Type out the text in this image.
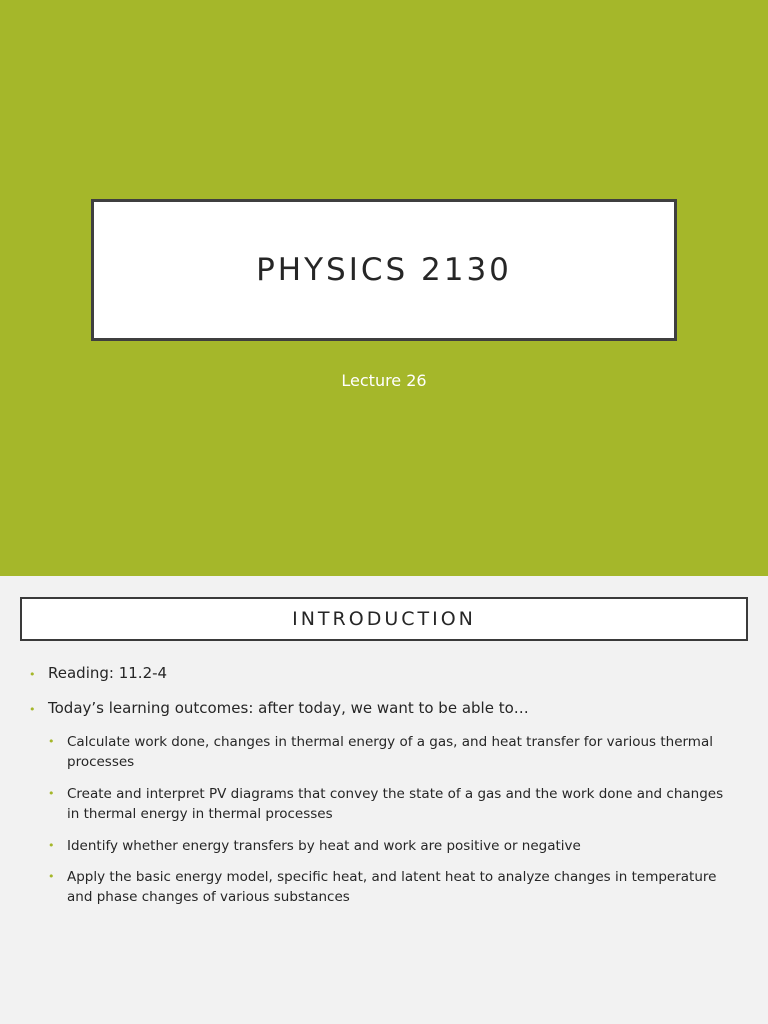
PHYSICS 2130
Lecture 26
INTRODUCTION
• Reading: 11.2-4
• Today’s learning outcomes: after today, we want to be able to…
• Calculate work done, changes in thermal energy of a gas, and heat transfer for various thermal processes
• Create and interpret PV diagrams that convey the state of a gas and the work done and changes in thermal energy in thermal processes
• Identify whether energy transfers by heat and work are positive or negative
• Apply the basic energy model, specific heat, and latent heat to analyze changes in temperature and phase changes of various substances
